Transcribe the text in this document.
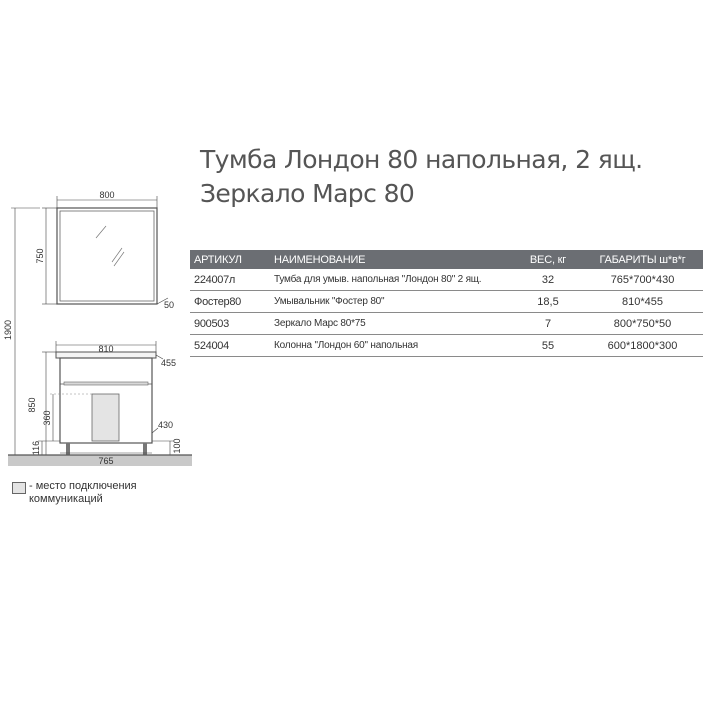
Тумба Лондон 80 напольная, 2 ящ.
Зеркало Марс 80
800
750
50
1900
810
455
850
360
116
430
100
765
АРТИКУЛ	НАИМЕНОВАНИЕ	ВЕС, кг	ГАБАРИТЫ ш*в*г
224007л	Тумба для умыв. напольная "Лондон 80" 2 ящ.	32	765*700*430
Фостер80	Умывальник "Фостер 80"	18,5	810*455
900503	Зеркало Марс 80*75	7	800*750*50
524004	Колонна "Лондон 60" напольная	55	600*1800*300
- место подключения коммуникаций
